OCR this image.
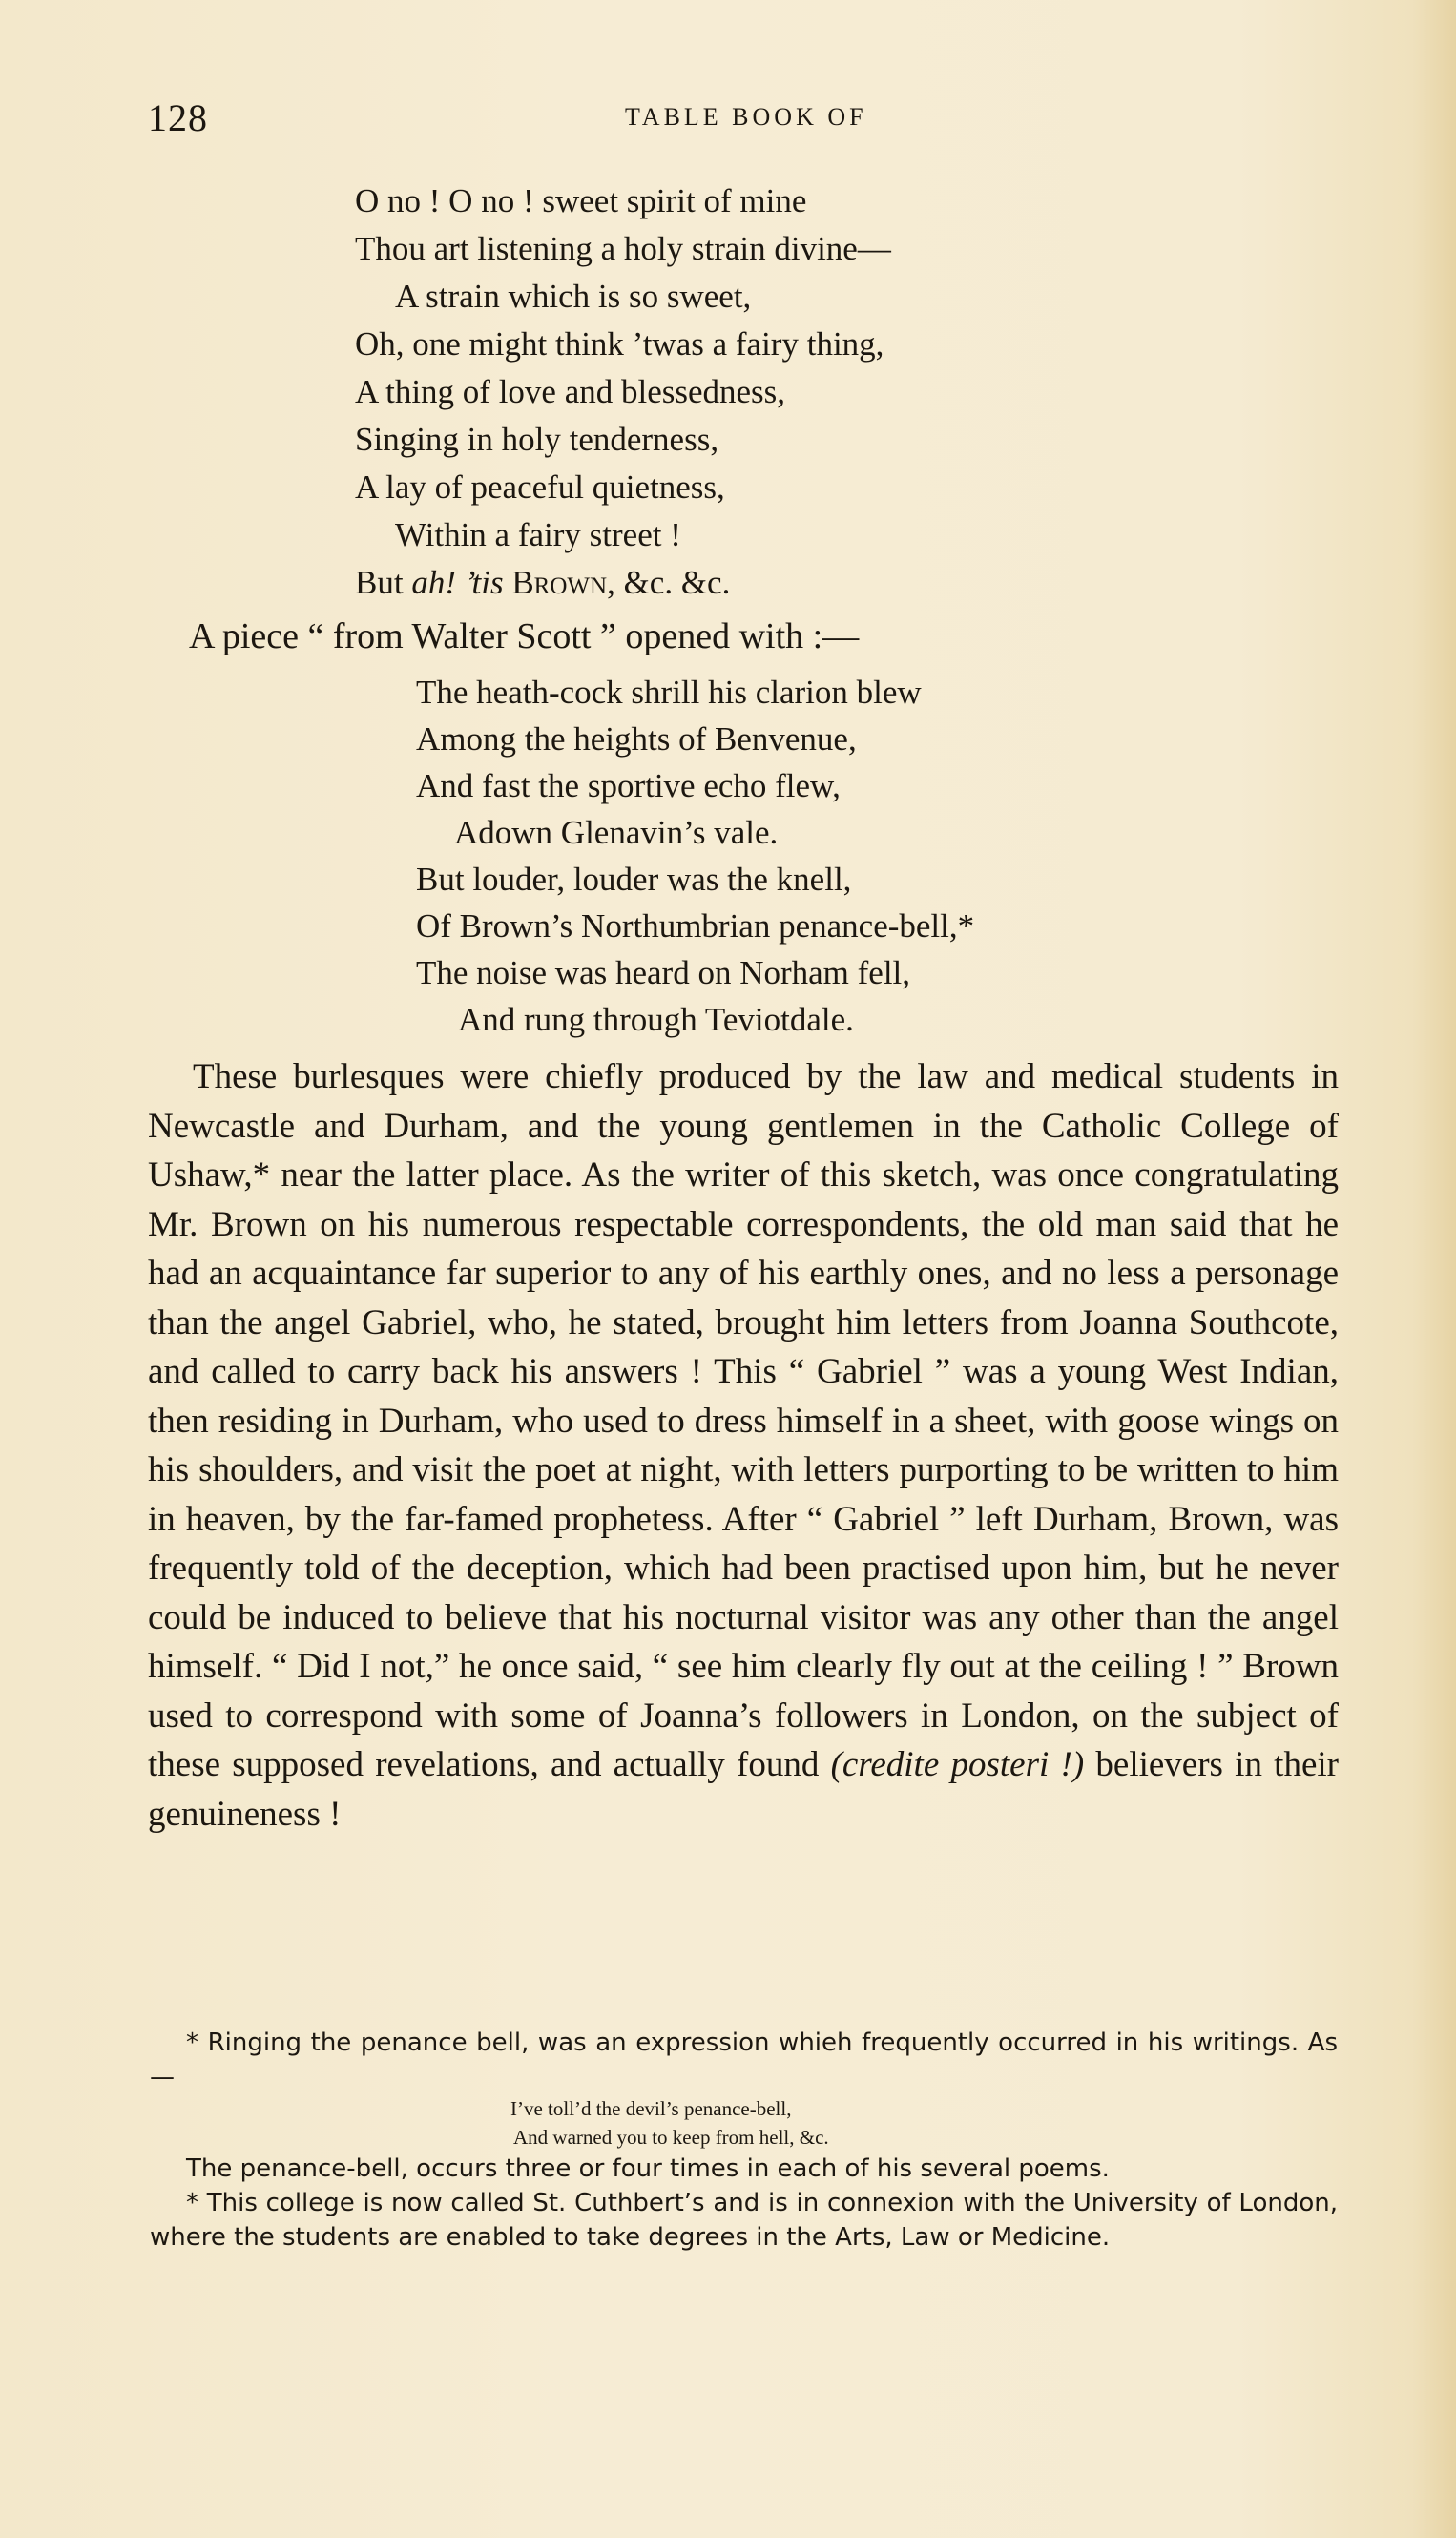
128	TABLE BOOK OF
O no ! O no ! sweet spirit of mine
Thou art listening a holy strain divine—
A strain which is so sweet,
Oh, one might think ’twas a fairy thing,
A thing of love and blessedness,
Singing in holy tenderness,
A lay of peaceful quietness,
Within a fairy street !
But ah! ’tis Brown, &c. &c.
A piece “ from Walter Scott ” opened with :—
The heath-cock shrill his clarion blew
Among the heights of Benvenue,
And fast the sportive echo flew,
Adown Glenavin’s vale.
But louder, louder was the knell,
Of Brown’s Northumbrian penance-bell,*
The noise was heard on Norham fell,
And rung through Teviotdale.

These burlesques were chiefly produced by the law and medical students in Newcastle and Durham, and the young gentlemen in the Catholic College of Ushaw,* near the latter place. As the writer of this sketch, was once congratulating Mr. Brown on his numerous respectable correspondents, the old man said that he had an acquaintance far superior to any of his earthly ones, and no less a personage than the angel Gabriel, who, he stated, brought him letters from Joanna Southcote, and called to carry back his answers ! This “ Gabriel ” was a young West Indian, then residing in Durham, who used to dress himself in a sheet, with goose wings on his shoulders, and visit the poet at night, with letters purporting to be written to him in heaven, by the far-famed prophetess. After “ Gabriel ” left Durham, Brown, was frequently told of the deception, which had been practised upon him, but he never could be induced to believe that his nocturnal visitor was any other than the angel himself. “ Did I not,” he once said, “ see him clearly fly out at the ceiling ! ” Brown used to correspond with some of Joanna’s followers in London, on the subject of these supposed revelations, and actually found (credite posteri !) believers in their genuineness !

* Ringing the penance bell, was an expression whieh frequently occurred in his writings. As—
I’ve toll’d the devil’s penance-bell,
And warned you to keep from hell, &c.
The penance-bell, occurs three or four times in each of his several poems.
* This college is now called St. Cuthbert’s and is in connexion with the University of London, where the students are enabled to take degrees in the Arts, Law or Medicine.
